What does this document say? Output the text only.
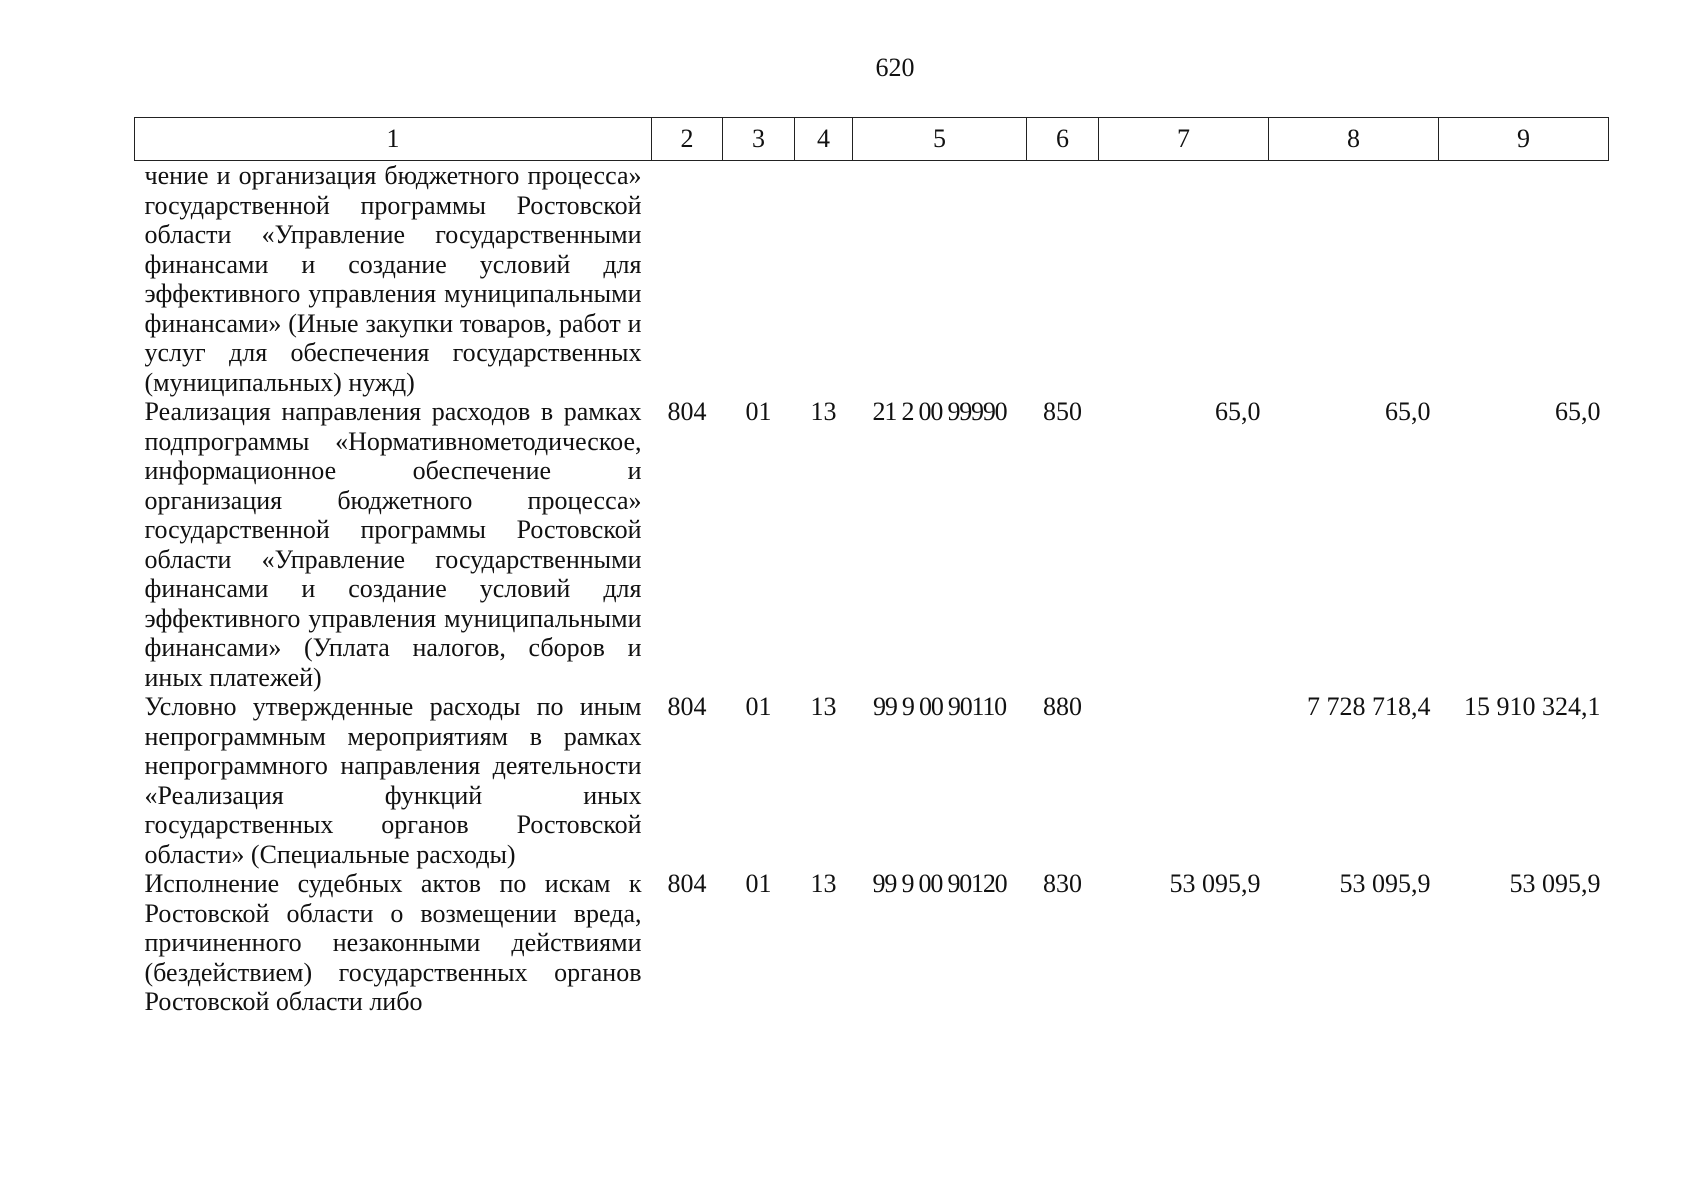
620
1	2	3	4	5	6	7	8	9
чение и организация бюджетного процесса» государственной программы Ростовской области «Управление государственными финансами и создание условий для эффективного управления муниципальными финансами» (Иные закупки товаров, работ и услуг для обеспечения государственных (муниципальных) нужд)								
Реализация направления расходов в рамках подпрограммы «Нормативнометодическое, информационное обеспечение и организация бюджетного процесса» государственной программы Ростовской области «Управление государственными финансами и создание условий для эффективного управления муниципальными финансами» (Уплата налогов, сборов и иных платежей)	804	01	13	21 2 00 99990	850	65,0	65,0	65,0
Условно утвержденные расходы по иным непрограммным мероприятиям в рамках непрограммного направления деятельности «Реализация функций иных государственных органов Ростовской области» (Специальные расходы)	804	01	13	99 9 00 90110	880		7 728 718,4	15 910 324,1
Исполнение судебных актов по искам к Ростовской области о возмещении вреда, причиненного незаконными действиями (бездействием) государственных органов Ростовской области либо	804	01	13	99 9 00 90120	830	53 095,9	53 095,9	53 095,9
